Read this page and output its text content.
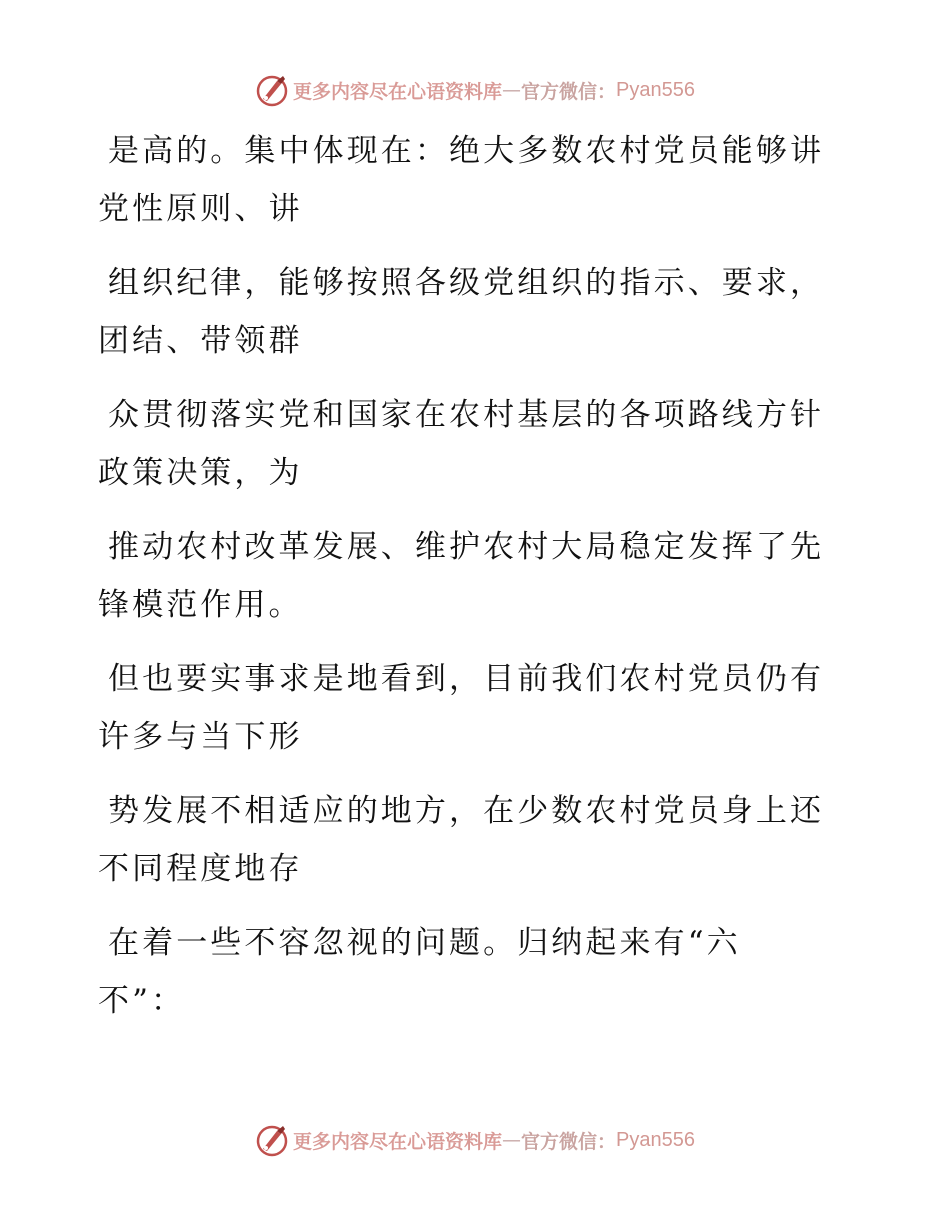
更多内容尽在心语资料库 — 官方微信： Pyan556
是高的。集中体现在：绝大多数农村党员能够讲
党性原则、讲
组织纪律，能够按照各级党组织的指示、要求，
团结、带领群
众贯彻落实党和国家在农村基层的各项路线方针
政策决策，为
推动农村改革发展、维护农村大局稳定发挥了先
锋模范作用。
但也要实事求是地看到，目前我们农村党员仍有
许多与当下形
势发展不相适应的地方，在少数农村党员身上还
不同程度地存
在着一些不容忽视的问题。归纳起来有“六
不”：
更多内容尽在心语资料库 — 官方微信： Pyan556
